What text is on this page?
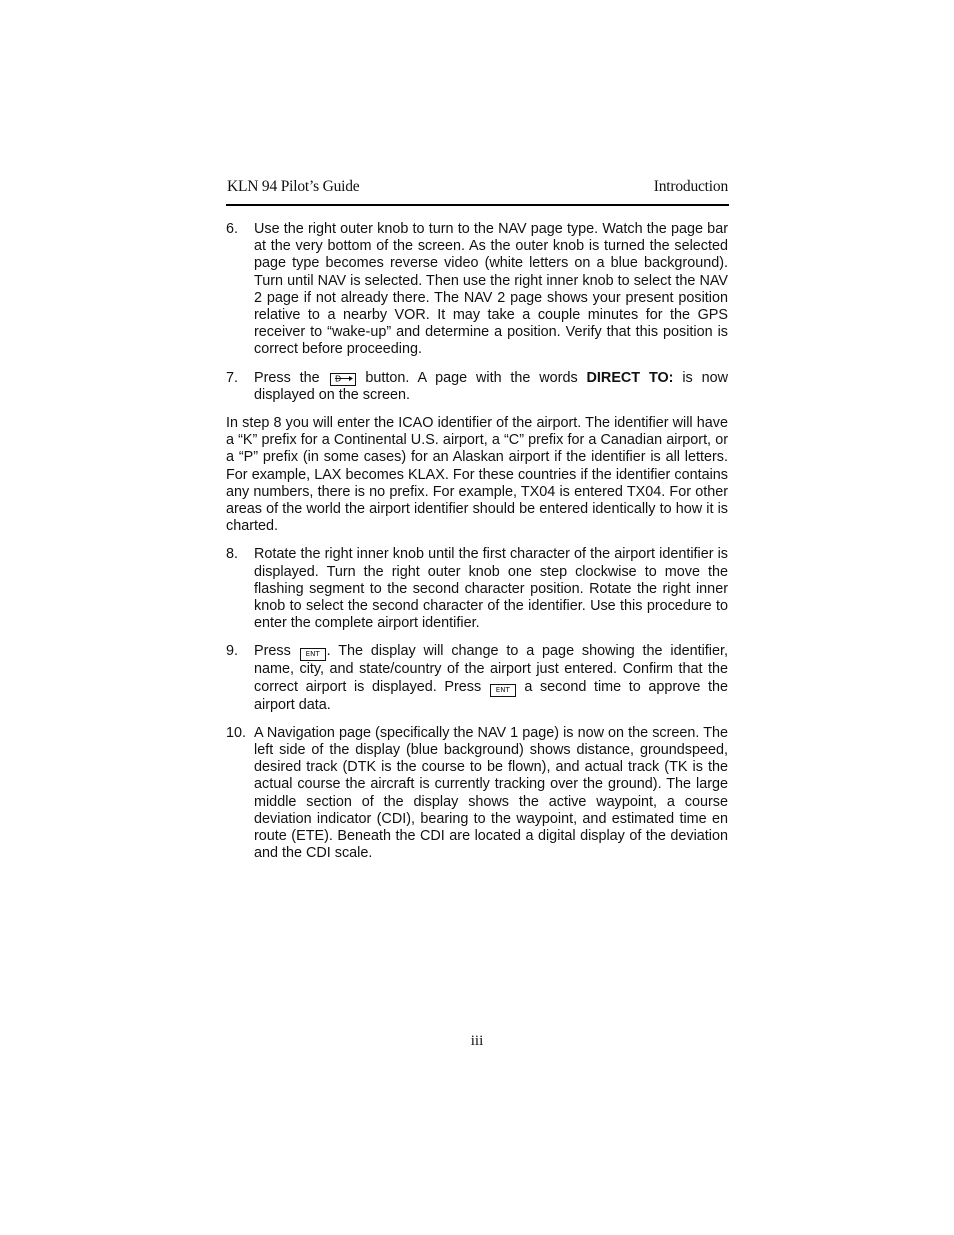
KLN 94 Pilot’s Guide	Introduction
6. Use the right outer knob to turn to the NAV page type. Watch the page bar at the very bottom of the screen. As the outer knob is turned the selected page type becomes reverse video (white letters on a blue background). Turn until NAV is selected. Then use the right inner knob to select the NAV 2 page if not already there. The NAV 2 page shows your present position relative to a nearby VOR. It may take a couple minutes for the GPS receiver to “wake-up” and determine a position. Verify that this position is correct before proceeding.
7. Press the D button. A page with the words DIRECT TO: is now displayed on the screen.

In step 8 you will enter the ICAO identifier of the airport. The identifier will have a “K” prefix for a Continental U.S. airport, a “C” prefix for a Canadian airport, or a “P” prefix (in some cases) for an Alaskan airport if the identifier is all letters. For example, LAX becomes KLAX. For these countries if the identifier contains any numbers, there is no prefix. For example, TX04 is entered TX04. For other areas of the world the airport identifier should be entered identically to how it is charted.

8. Rotate the right inner knob until the first character of the airport identifier is displayed. Turn the right outer knob one step clockwise to move the flashing segment to the second character position. Rotate the right inner knob to select the second character of the identifier. Use this procedure to enter the complete airport identifier.
9. Press ENT . The display will change to a page showing the identifier, name, city, and state/country of the airport just entered. Confirm that the correct airport is displayed. Press ENT a second time to approve the airport data.
10. A Navigation page (specifically the NAV 1 page) is now on the screen. The left side of the display (blue background) shows distance, groundspeed, desired track (DTK is the course to be flown), and actual track (TK is the actual course the aircraft is currently tracking over the ground). The large middle section of the display shows the active waypoint, a course deviation indicator (CDI), bearing to the waypoint, and estimated time en route (ETE). Beneath the CDI are located a digital display of the deviation and the CDI scale.
iii
